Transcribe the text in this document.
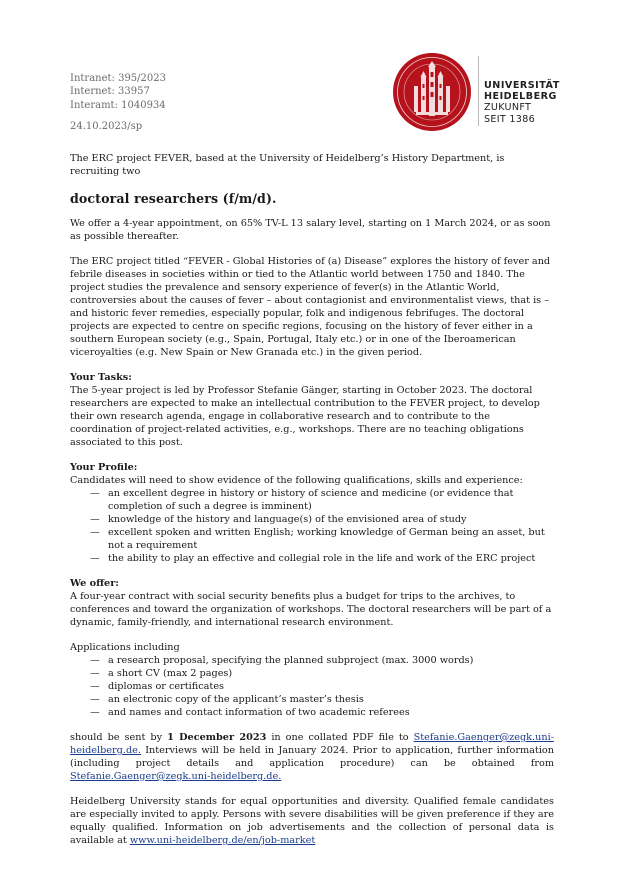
Intranet: 395/2023
Internet: 33957
Interamt: 1040934
24.10.2023/sp
UNIVERSITÄT
HEIDELBERG
ZUKUNFT
SEIT 1386

The ERC project FEVER, based at the University of Heidelberg’s History Department, is recruiting two

doctoral researchers (f/m/d).

We offer a 4-year appointment, on 65% TV-L 13 salary level, starting on 1 March 2024, or as soon as possible thereafter.

The ERC project titled “FEVER - Global Histories of (a) Disease” explores the history of fever and febrile diseases in societies within or tied to the Atlantic world between 1750 and 1840. The project studies the prevalence and sensory experience of fever(s) in the Atlantic World, controversies about the causes of fever – about contagionist and environmentalist views, that is – and historic fever remedies, especially popular, folk and indigenous febrifuges. The doctoral projects are expected to centre on specific regions, focusing on the history of fever either in a southern European society (e.g., Spain, Portugal, Italy etc.) or in one of the Iberoamerican viceroyalties (e.g. New Spain or New Granada etc.) in the given period.

Your Tasks:

The 5-year project is led by Professor Stefanie Gänger, starting in October 2023. The doctoral researchers are expected to make an intellectual contribution to the FEVER project, to develop their own research agenda, engage in collaborative research and to contribute to the coordination of project-related activities, e.g., workshops. There are no teaching obligations associated to this post.

Your Profile:

Candidates will need to show evidence of the following qualifications, skills and experience:

— an excellent degree in history or history of science and medicine (or evidence that completion of such a degree is imminent)
— knowledge of the history and language(s) of the envisioned area of study
— excellent spoken and written English; working knowledge of German being an asset, but not a requirement
— the ability to play an effective and collegial role in the life and work of the ERC project

We offer:

A four-year contract with social security benefits plus a budget for trips to the archives, to conferences and toward the organization of workshops. The doctoral researchers will be part of a dynamic, family-friendly, and international research environment.

Applications including

— a research proposal, specifying the planned subproject (max. 3000 words)
— a short CV (max 2 pages)
— diplomas or certificates
— an electronic copy of the applicant’s master’s thesis
— and names and contact information of two academic referees

should be sent by 1 December 2023 in one collated PDF file to Stefanie.Gaenger@zegk.uni-heidelberg.de. Interviews will be held in January 2024. Prior to application, further information (including project details and application procedure) can be obtained from Stefanie.Gaenger@zegk.uni-heidelberg.de.

Heidelberg University stands for equal opportunities and diversity. Qualified female candidates are especially invited to apply. Persons with severe disabilities will be given preference if they are equally qualified. Information on job advertisements and the collection of personal data is available at www.uni-heidelberg.de/en/job-market
